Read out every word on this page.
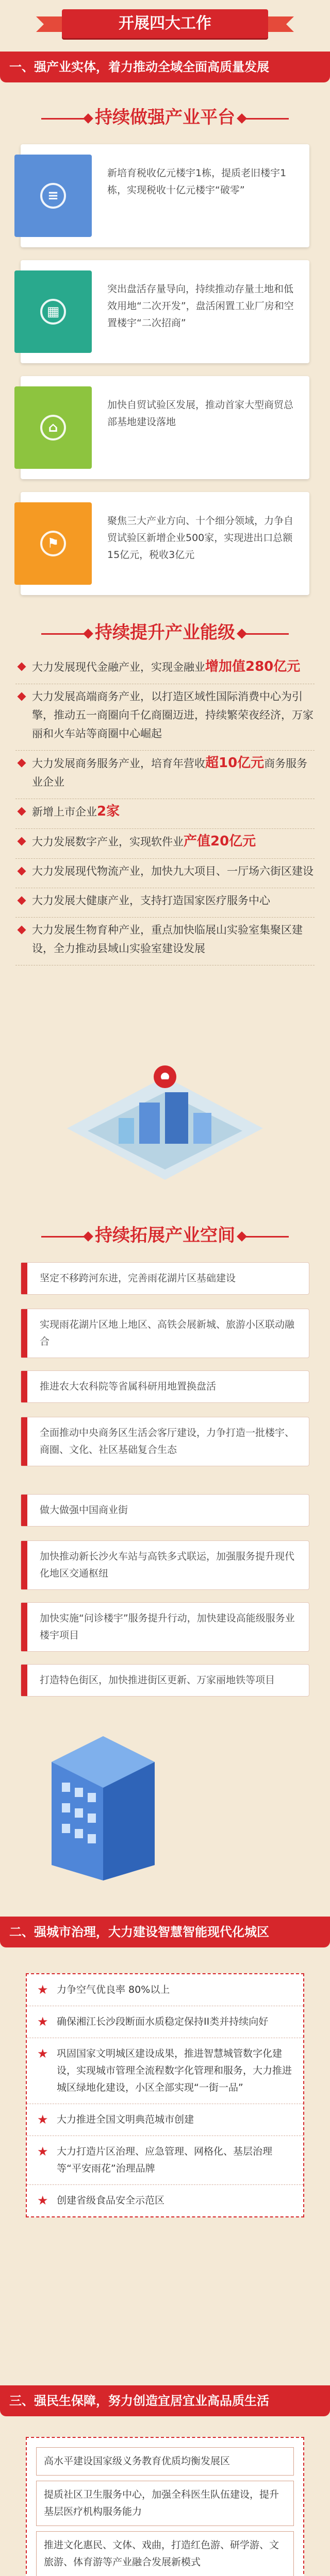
开展四大工作
一、强产业实体，着力推动全域全面高质量发展
持续做强产业平台
≡
新培育税收亿元楼宇1栋，提质老旧楼宇1栋，实现税收十亿元楼宇“破零”
▦
突出盘活存量导向，持续推动存量土地和低效用地“二次开发”，盘活闲置工业厂房和空置楼宇“二次招商”
⌂
加快自贸试验区发展，推动首家大型商贸总部基地建设落地
⚑
聚焦三大产业方向、十个细分领域，力争自贸试验区新增企业500家，实现进出口总额15亿元，税收3亿元
持续提升产业能级
大力发展现代金融产业，实现金融业增加值280亿元
大力发展高端商务产业，以打造区域性国际消费中心为引擎，推动五一商圈向千亿商圈迈进，持续繁荣夜经济，万家丽和火车站等商圈中心崛起
大力发展商务服务产业，培育年营收超10亿元商务服务业企业
新增上市企业2家
大力发展数字产业，实现软件业产值20亿元
大力发展现代物流产业，加快九大项目、一厅场六街区建设
大力发展大健康产业，支持打造国家医疗服务中心
大力发展生物育种产业，重点加快临展山实验室集聚区建设，全力推动县域山实验室建设发展
持续拓展产业空间
坚定不移跨河东进，完善雨花湖片区基础建设
实现雨花湖片区地上地区、高铁会展新城、旅游小区联动融合
推进农大农科院等省属科研用地置换盘活
全面推动中央商务区生活会客厅建设，力争打造一批楼宇、商圈、文化、社区基础复合生态
做大做强中国商业街
加快推动新长沙火车站与高铁多式联运，加强服务提升现代化地区交通枢纽
加快实施“问诊楼宇”服务提升行动，加快建设高能级服务业楼宇项目
打造特色街区，加快推进街区更新、万家丽地铁等项目
二、强城市治理，大力建设智慧智能现代化城区
★ 力争空气优良率 80%以上
★ 确保湘江长沙段断面水质稳定保持II类并持续向好
★ 巩固国家文明城区建设成果，推进智慧城管数字化建设，实现城市管理全流程数字化管理和服务，大力推进城区绿地化建设，小区全部实现“一街一品”
★ 大力推进全国文明典范城市创建
★ 大力打造片区治理、应急管理、网格化、基层治理等“平安雨花”治理品牌
★ 创建省级食品安全示范区
三、强民生保障，努力创造宜居宜业高品质生活
高水平建设国家级义务教育优质均衡发展区
提质社区卫生服务中心，加强全科医生队伍建设，提升基层医疗机构服务能力
推进文化惠民、文体、戏曲，打造红色游、研学游、文旅游、体育游等产业融合发展新模式
